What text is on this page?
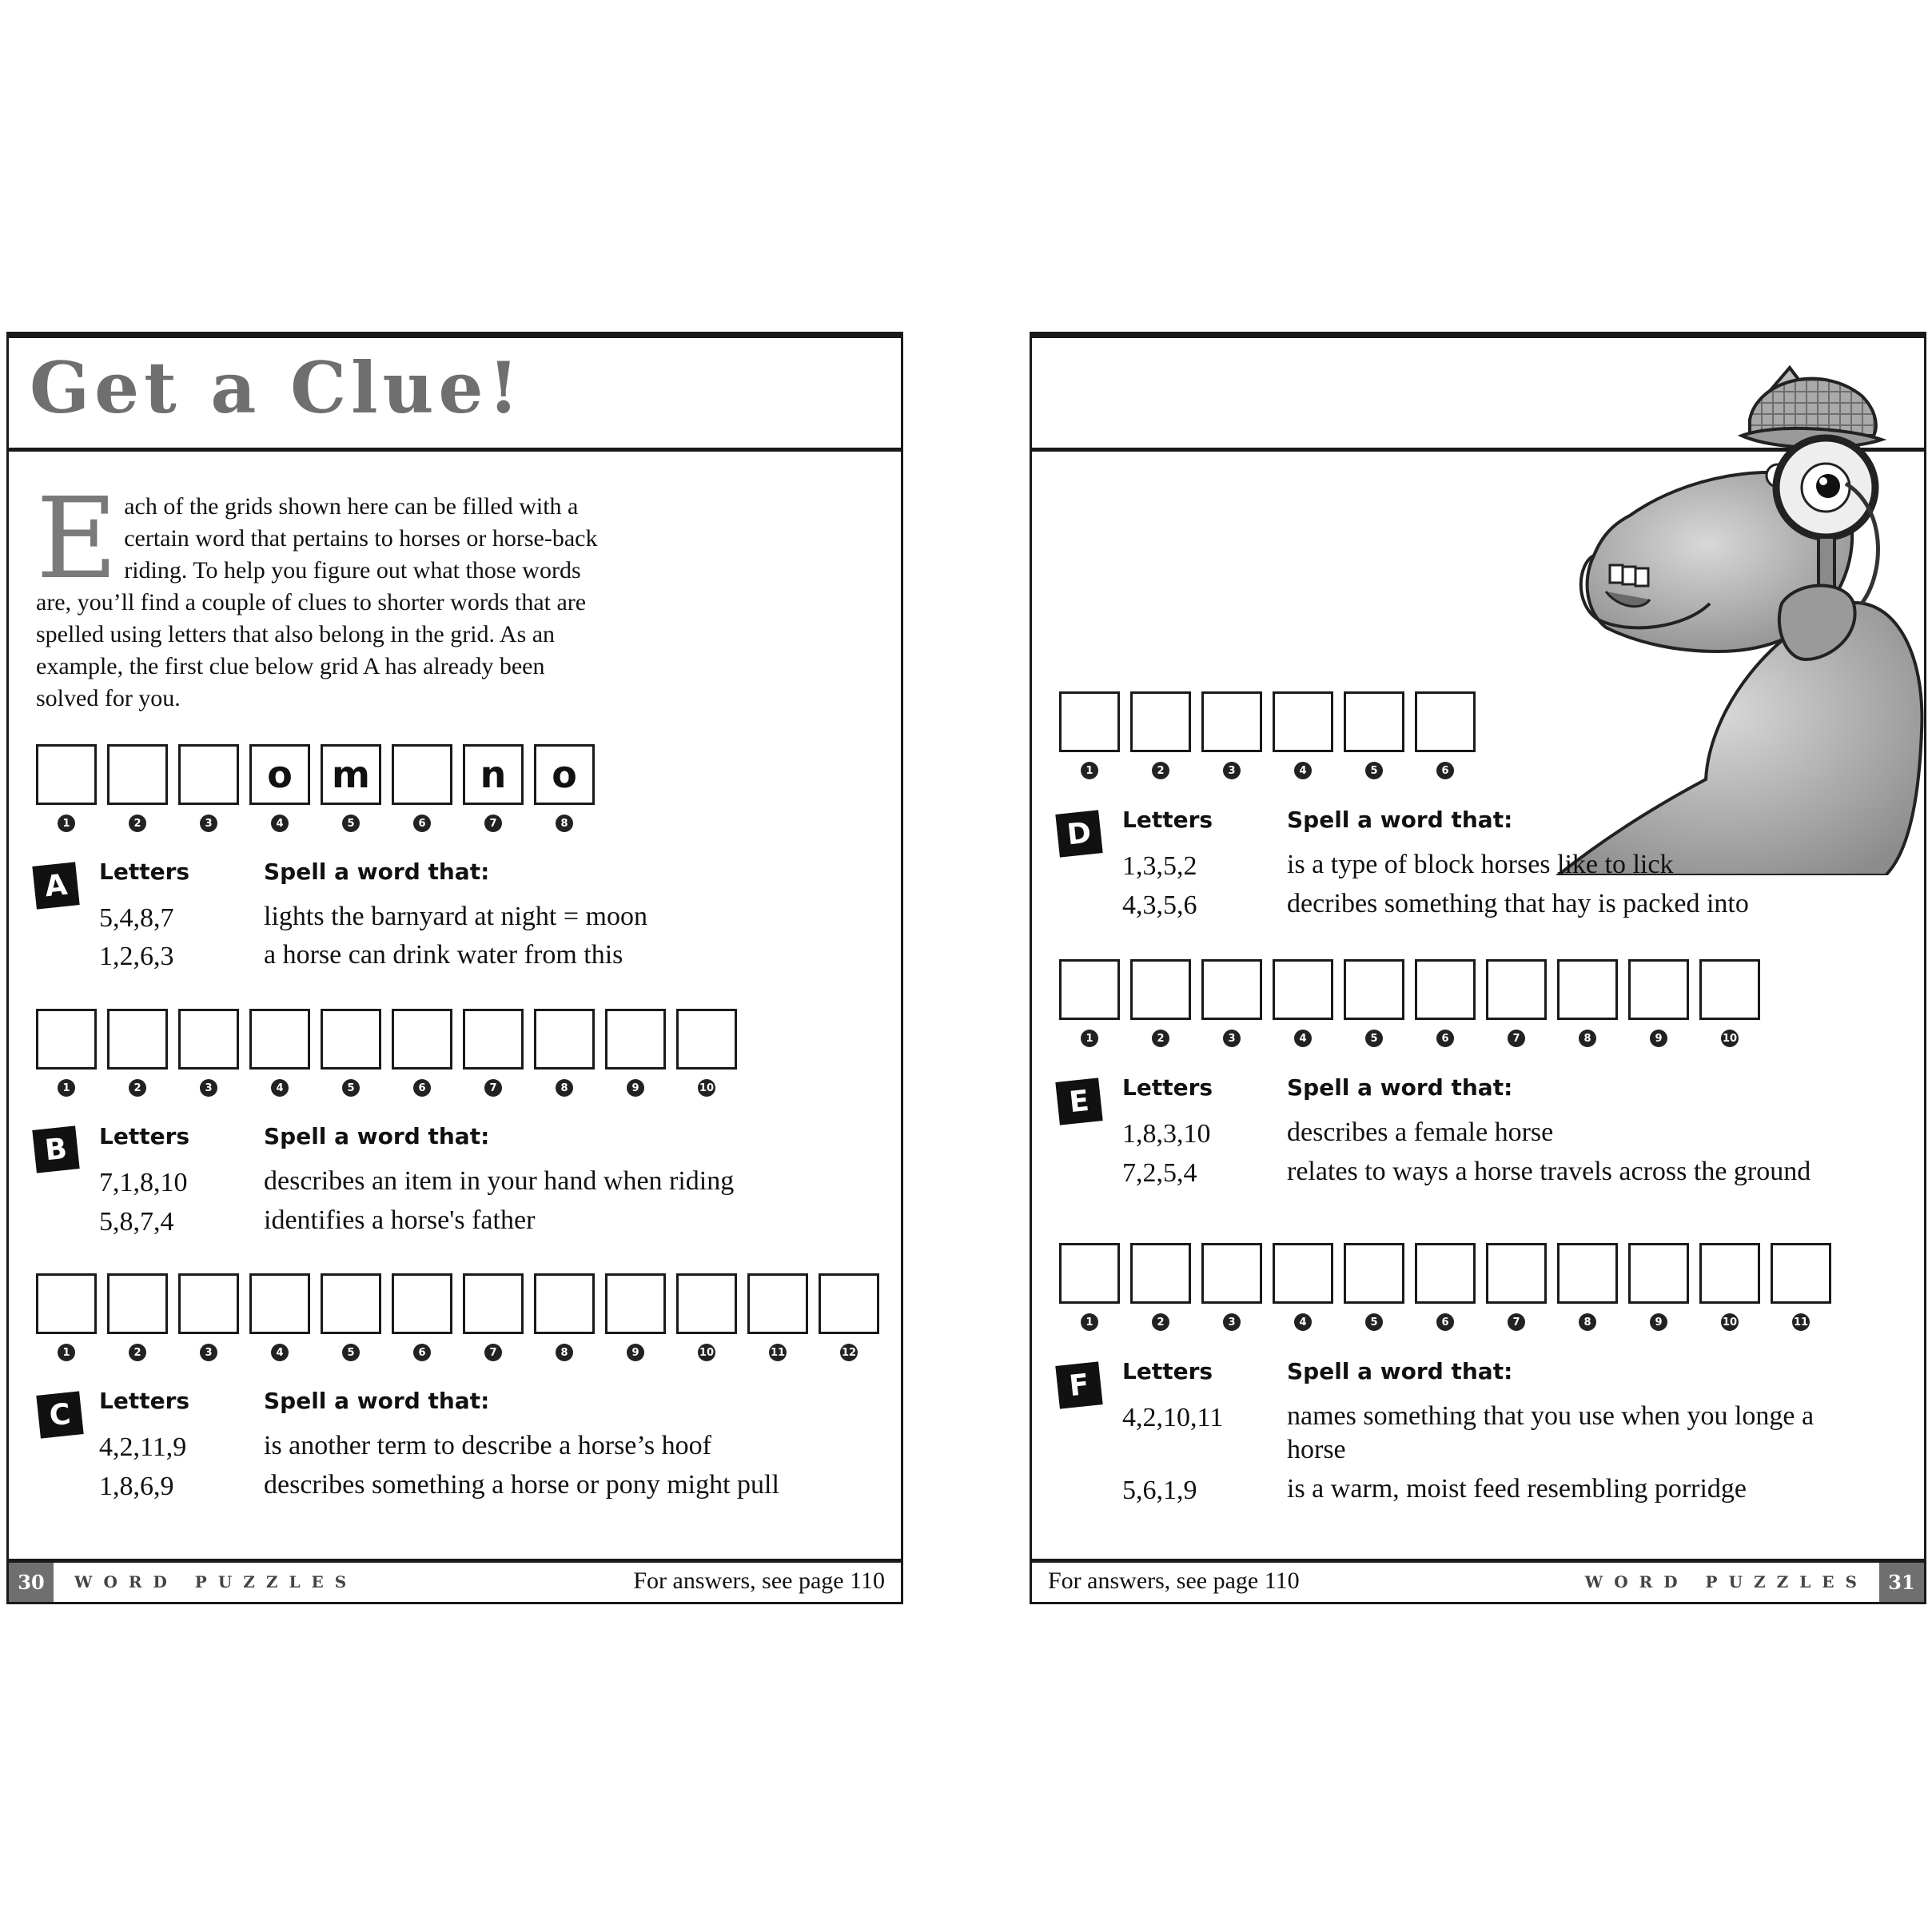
Get a Clue!

Each of the grids shown here can be filled with a certain word that pertains to horses or horse-back riding. To help you figure out what those words are, you’ll find a couple of clues to shorter words that are spelled using letters that also belong in the grid. As an example, the first clue below grid A has already been solved for you.

1	2	3
o
4
m
5	6
n
7
o
8
A	Letters	Spell a word that:
5,4,8,7	lights the barnyard at night = moon
1,2,6,3	a horse can drink water from this
1	2	3	4	5	6	7	8	9	10
B	Letters	Spell a word that:
7,1,8,10	describes an item in your hand when riding
5,8,7,4	identifies a horse's father
1	2	3	4	5	6	7	8	9	10	11	12
C	Letters	Spell a word that:
4,2,11,9	is another term to describe a horse’s hoof
1,8,6,9	describes something a horse or pony might pull
30	WORD PUZZLES	For answers, see page 110
1	2	3	4	5	6
D	Letters	Spell a word that:
1,3,5,2	is a type of block horses like to lick
4,3,5,6	decribes something that hay is packed into
1	2	3	4	5	6	7	8	9	10
E	Letters	Spell a word that:
1,8,3,10	describes a female horse
7,2,5,4	relates to ways a horse travels across the ground
1	2	3	4	5	6	7	8	9	10	11
F	Letters	Spell a word that:
4,2,10,11 names something that you use when you longe a horse
5,6,1,9	is a warm, moist feed resembling porridge
For answers, see page 110	WORD PUZZLES	31
